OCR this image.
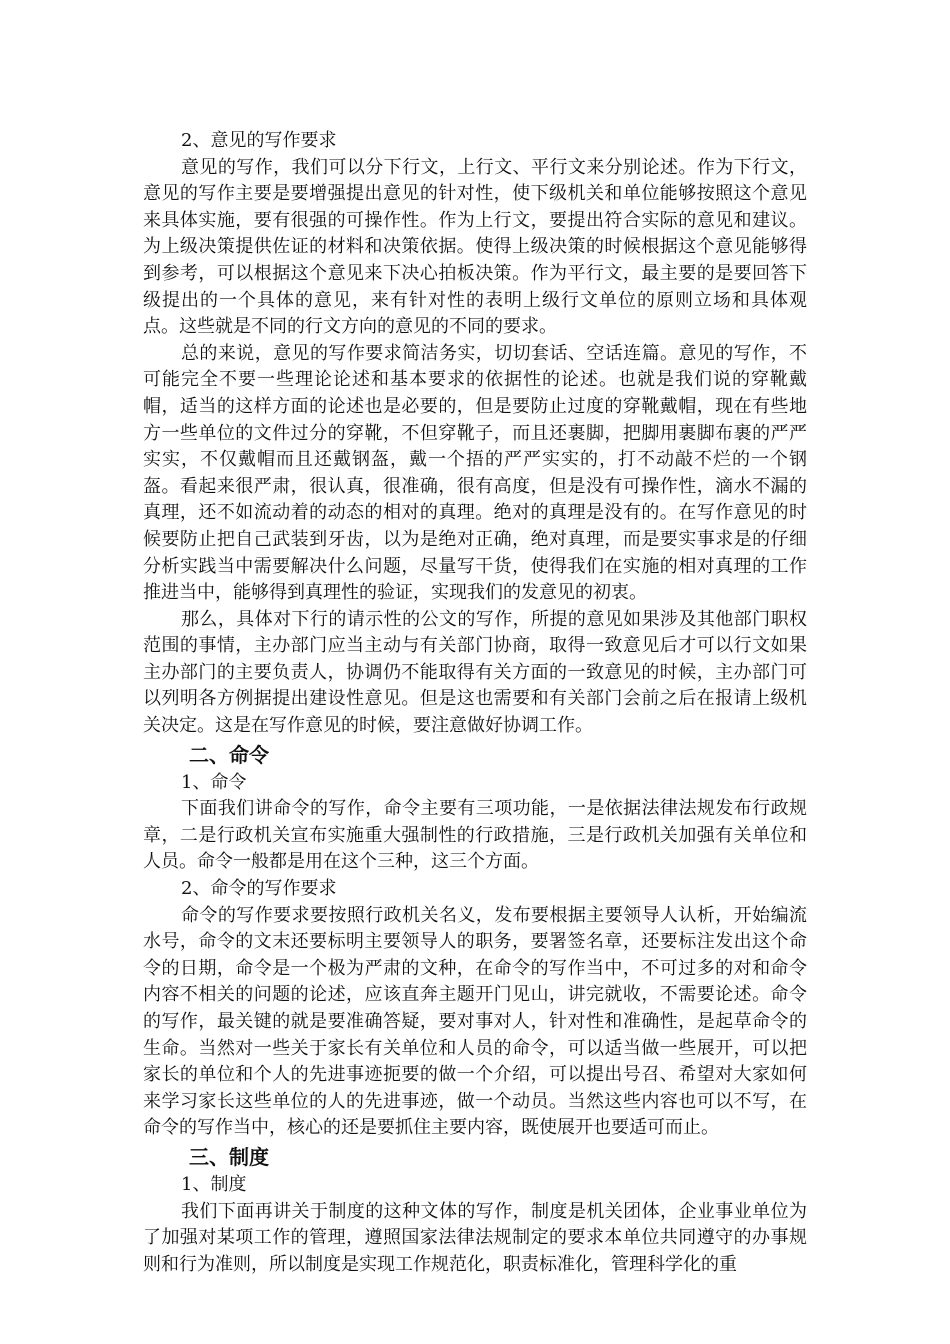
2、意见的写作要求

意见的写作，我们可以分下行文，上行文、平行文来分别论述。作为下行文，意见的写作主要是要增强提出意见的针对性，使下级机关和单位能够按照这个意见来具体实施，要有很强的可操作性。作为上行文，要提出符合实际的意见和建议。为上级决策提供佐证的材料和决策依据。使得上级决策的时候根据这个意见能够得到参考，可以根据这个意见来下决心拍板决策。作为平行文，最主要的是要回答下级提出的一个具体的意见，来有针对性的表明上级行文单位的原则立场和具体观点。这些就是不同的行文方向的意见的不同的要求。

总的来说，意见的写作要求简洁务实，切切套话、空话连篇。意见的写作，不可能完全不要一些理论论述和基本要求的依据性的论述。也就是我们说的穿靴戴帽，适当的这样方面的论述也是必要的，但是要防止过度的穿靴戴帽，现在有些地方一些单位的文件过分的穿靴，不但穿靴子，而且还裹脚，把脚用裹脚布裹的严严实实，不仅戴帽而且还戴钢盔，戴一个捂的严严实实的，打不动敲不烂的一个钢盔。看起来很严肃，很认真，很准确，很有高度，但是没有可操作性，滴水不漏的真理，还不如流动着的动态的相对的真理。绝对的真理是没有的。在写作意见的时候要防止把自己武装到牙齿，以为是绝对正确，绝对真理，而是要实事求是的仔细分析实践当中需要解决什么问题，尽量写干货，使得我们在实施的相对真理的工作推进当中，能够得到真理性的验证，实现我们的发意见的初衷。

那么，具体对下行的请示性的公文的写作，所提的意见如果涉及其他部门职权范围的事情，主办部门应当主动与有关部门协商，取得一致意见后才可以行文如果主办部门的主要负责人，协调仍不能取得有关方面的一致意见的时候，主办部门可以列明各方例据提出建设性意见。但是这也需要和有关部门会前之后在报请上级机关决定。这是在写作意见的时候，要注意做好协调工作。

二、命令

1、命令

下面我们讲命令的写作，命令主要有三项功能，一是依据法律法规发布行政规章，二是行政机关宣布实施重大强制性的行政措施，三是行政机关加强有关单位和人员。命令一般都是用在这个三种，这三个方面。

2、命令的写作要求

命令的写作要求要按照行政机关名义，发布要根据主要领导人认析，开始编流水号，命令的文末还要标明主要领导人的职务，要署签名章，还要标注发出这个命令的日期，命令是一个极为严肃的文种，在命令的写作当中，不可过多的对和命令内容不相关的问题的论述，应该直奔主题开门见山，讲完就收，不需要论述。命令的写作，最关键的就是要准确答疑，要对事对人，针对性和准确性，是起草命令的生命。当然对一些关于家长有关单位和人员的命令，可以适当做一些展开，可以把家长的单位和个人的先进事迹扼要的做一个介绍，可以提出号召、希望对大家如何来学习家长这些单位的人的先进事迹，做一个动员。当然这些内容也可以不写，在命令的写作当中，核心的还是要抓住主要内容，既使展开也要适可而止。

三、制度

1、制度

我们下面再讲关于制度的这种文体的写作，制度是机关团体，企业事业单位为了加强对某项工作的管理，遵照国家法律法规制定的要求本单位共同遵守的办事规则和行为准则，所以制度是实现工作规范化，职责标准化，管理科学化的重
